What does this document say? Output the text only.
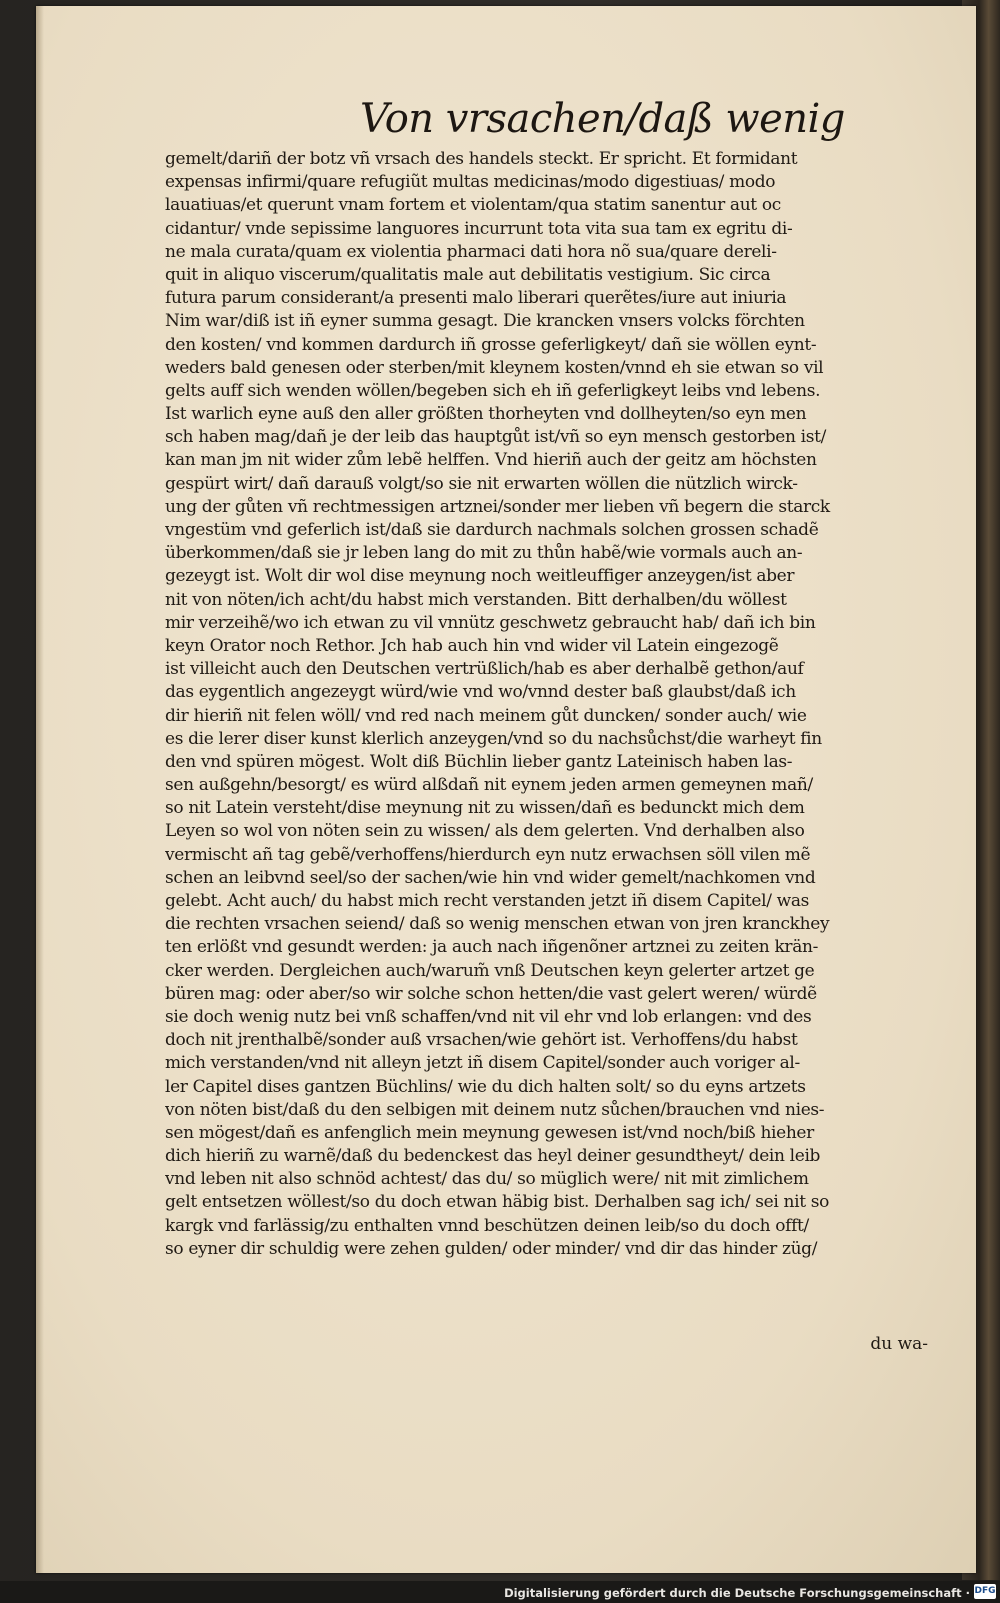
Von vrsachen/daß wenig
gemelt/dariñ der botz vñ vrsach des handels steckt. Er spricht. Et formidant
expensas infirmi/quare refugiũt multas medicinas/modo digestiuas/ modo
lauatiuas/et querunt vnam fortem et violentam/qua statim sanentur aut oc
cidantur/ vnde sepissime languores incurrunt tota vita sua tam ex egritu di-
ne mala curata/quam ex violentia pharmaci dati hora nõ sua/quare dereli-
quit in aliquo viscerum/qualitatis male aut debilitatis vestigium. Sic circa
futura parum considerant/a presenti malo liberari querẽtes/iure aut iniuria
Nim war/diß ist iñ eyner summa gesagt. Die krancken vnsers volcks förchten
den kosten/ vnd kommen dardurch iñ grosse geferligkeyt/ dañ sie wöllen eynt-
weders bald genesen oder sterben/mit kleynem kosten/vnnd eh sie etwan so vil
gelts auff sich wenden wöllen/begeben sich eh iñ geferligkeyt leibs vnd lebens.
Ist warlich eyne auß den aller größten thorheyten vnd dollheyten/so eyn men
sch haben mag/dañ je der leib das hauptgůt ist/vñ so eyn mensch gestorben ist/
kan man jm nit wider zům lebẽ helffen. Vnd hieriñ auch der geitz am höchsten
gespürt wirt/ dañ darauß volgt/so sie nit erwarten wöllen die nützlich wirck-
ung der gůten vñ rechtmessigen artznei/sonder mer lieben vñ begern die starck
vngestüm vnd geferlich ist/daß sie dardurch nachmals solchen grossen schadẽ
überkommen/daß sie jr leben lang do mit zu thůn habẽ/wie vormals auch an-
gezeygt ist. Wolt dir wol dise meynung noch weitleuffiger anzeygen/ist aber
nit von nöten/ich acht/du habst mich verstanden. Bitt derhalben/du wöllest
mir verzeihẽ/wo ich etwan zu vil vnnütz geschwetz gebraucht hab/ dañ ich bin
keyn Orator noch Rethor. Jch hab auch hin vnd wider vil Latein eingezogẽ
ist villeicht auch den Deutschen vertrüßlich/hab es aber derhalbẽ gethon/auf
das eygentlich angezeygt würd/wie vnd wo/vnnd dester baß glaubst/daß ich
dir hieriñ nit felen wöll/ vnd red nach meinem gůt duncken/ sonder auch/ wie
es die lerer diser kunst klerlich anzeygen/vnd so du nachsůchst/die warheyt fin
den vnd spüren mögest. Wolt diß Büchlin lieber gantz Lateinisch haben las-
sen außgehn/besorgt/ es würd alßdañ nit eynem jeden armen gemeynen mañ/
so nit Latein versteht/dise meynung nit zu wissen/dañ es bedunckt mich dem
Leyen so wol von nöten sein zu wissen/ als dem gelerten. Vnd derhalben also
vermischt añ tag gebẽ/verhoffens/hierdurch eyn nutz erwachsen söll vilen mẽ
schen an leibvnd seel/so der sachen/wie hin vnd wider gemelt/nachkomen vnd
gelebt. Acht auch/ du habst mich recht verstanden jetzt iñ disem Capitel/ was
die rechten vrsachen seiend/ daß so wenig menschen etwan von jren kranckhey
ten erlößt vnd gesundt werden: ja auch nach iñgenõner artznei zu zeiten krän-
cker werden. Dergleichen auch/warum̃ vnß Deutschen keyn gelerter artzet ge
büren mag: oder aber/so wir solche schon hetten/die vast gelert weren/ würdẽ
sie doch wenig nutz bei vnß schaffen/vnd nit vil ehr vnd lob erlangen: vnd des
doch nit jrenthalbẽ/sonder auß vrsachen/wie gehört ist. Verhoffens/du habst
mich verstanden/vnd nit alleyn jetzt iñ disem Capitel/sonder auch voriger al-
ler Capitel dises gantzen Büchlins/ wie du dich halten solt/ so du eyns artzets
von nöten bist/daß du den selbigen mit deinem nutz sůchen/brauchen vnd nies-
sen mögest/dañ es anfenglich mein meynung gewesen ist/vnd noch/biß hieher
dich hieriñ zu warnẽ/daß du bedenckest das heyl deiner gesundtheyt/ dein leib
vnd leben nit also schnöd achtest/ das du/ so müglich were/ nit mit zimlichem
gelt entsetzen wöllest/so du doch etwan häbig bist. Derhalben sag ich/ sei nit so
kargk vnd farlässig/zu enthalten vnnd beschützen deinen leib/so du doch offt/
so eyner dir schuldig were zehen gulden/ oder minder/ vnd dir das hinder züg/
du wa-
Digitalisierung gefördert durch die Deutsche Forschungsgemeinschaft · DFG
